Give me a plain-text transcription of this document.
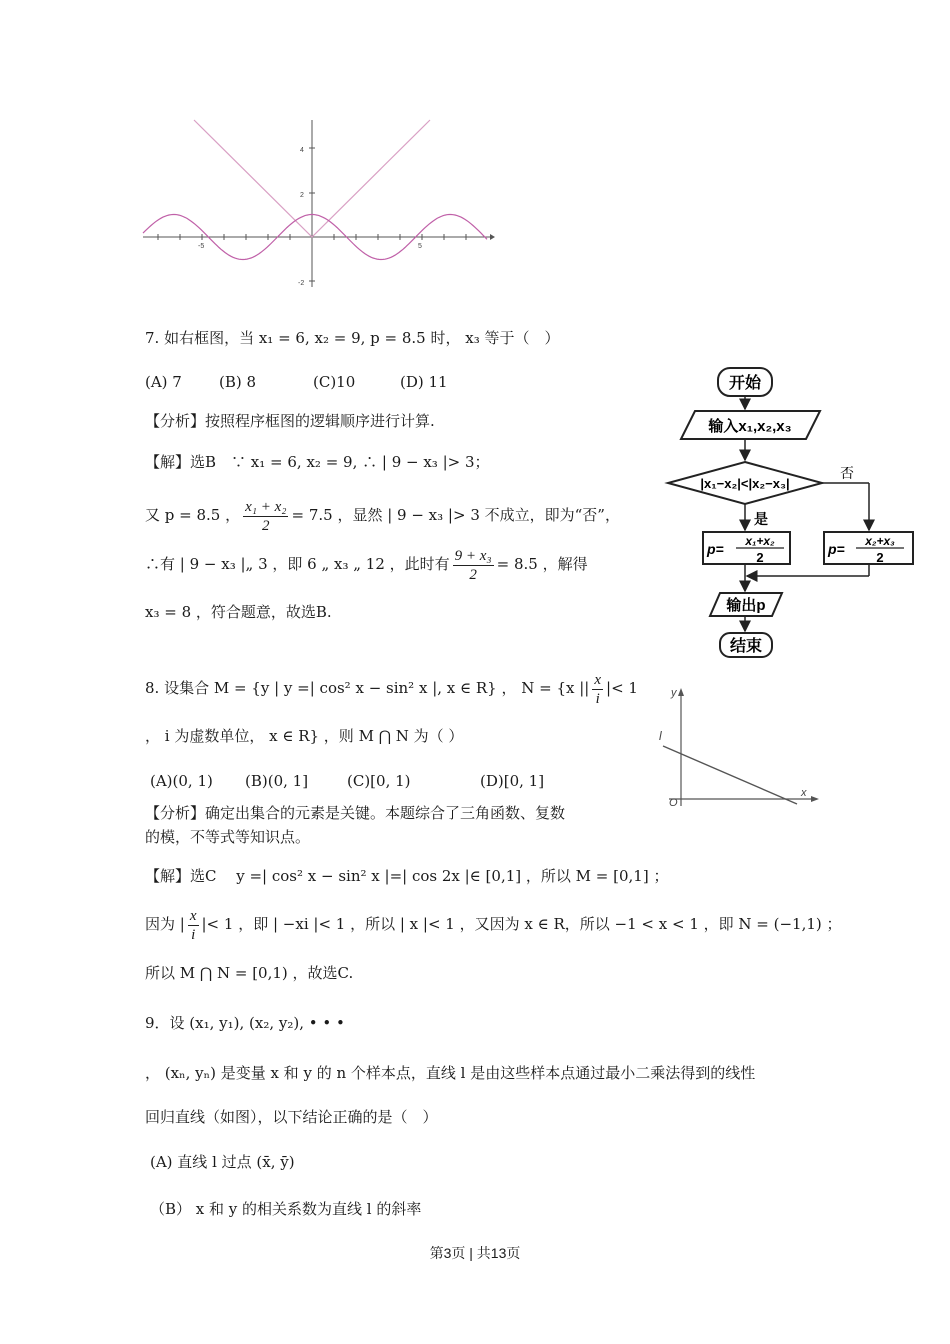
4
2
-2
-5	5
7. 如右框图，当 x₁ = 6, x₂ = 9, p = 8.5 时， x₃ 等于（　）
(A) 7 (B) 8	(C)10	(D) 11
【分析】按照程序框图的逻辑顺序进行计算.
【解】选B　∵ x₁ = 6, x₂ = 9, ∴ | 9 − x₃ |> 3；
又 p = 8.5 ， $\frac{\text{x₁ + x₂}}{2} = 7.5$ ，显然 | 9 − x₃ |> 3 不成立，即为“否”，
∴有 | 9 − x₃ |„ 3 ，即 6 „ x₃ „ 12 ，此时有 $\frac{\text{9 + x₃}}{2} = 8.5$ ，解得
x₃ = 8 ，符合题意，故选B.
开始
输入x₁,x₂,x₃
|x₁−x₂|<|x₂−x₃|
否
是
p= x₁+x₂
2
p= x₂+x₃
2
输出p
结束
8. 设集合 M = {y | y =| cos² x − sin² x |, x ∈ R} ， N = {x || $\frac{x}{i}$ |< 1
， i 为虚数单位， x ∈ R} ，则 M ⋂ N 为（ ）
(A)(0, 1) (B)(0, 1]	(C)[0, 1)	(D)[0, 1]
【分析】确定出集合的元素是关键。本题综合了三角函数、复数
的模，不等式等知识点。
【解】选C　 y =| cos² x − sin² x |=| cos 2x |∈ [0,1] ，所以 M = [0,1] ；
因为 | $\frac{x}{i}$ |< 1 ，即 | −xi |< 1 ，所以 | x |< 1 ，又因为 x ∈ R，所以 −1 < x < 1 ，即 N = (−1,1) ；
所以 M ⋂ N = [0,1) ，故选C.
y
x
O
l
9．设 (x₁, y₁), (x₂, y₂), • • •
， (xₙ, yₙ) 是变量 x 和 y 的 n 个样本点，直线 l 是由这些样本点通过最小二乘法得到的线性
回归直线（如图），以下结论正确的是（　）
(A) 直线 l 过点 (x̄, ȳ)
（B） x 和 y 的相关系数为直线 l 的斜率
第3页 | 共13页
